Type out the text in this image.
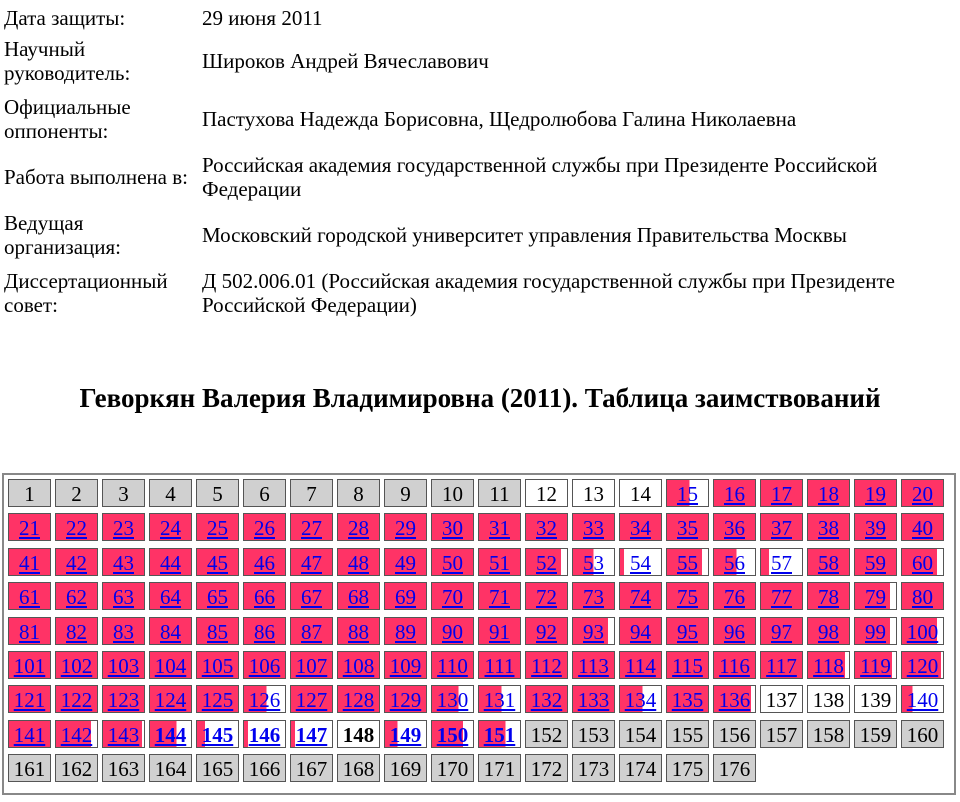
Дата защиты:	29 июня 2011
Научный руководитель:	Широков Андрей Вячеславович
Официальные оппоненты:	Пастухова Надежда Борисовна, Щедролюбова Галина Николаевна
Работа выполнена в:	Российская академия государственной службы при Президенте Российской Федерации
Ведущая организация:	Московский городской университет управления Правительства Москвы
Диссертационный совет:	Д 502.006.01 (Российская академия государственной службы при Президенте Российской Федерации)
Геворкян Валерия Владимировна (2011). Таблица заимствований
1	2	3	4	5	6	7	8	9	10	11	12	13	14	15	16	17	18	19	20
21	22	23	24	25	26	27	28	29	30	31	32	33	34	35	36	37	38	39	40
41	42	43	44	45	46	47	48	49	50	51	52	53	54	55	56	57	58	59	60
61	62	63	64	65	66	67	68	69	70	71	72	73	74	75	76	77	78	79	80
81	82	83	84	85	86	87	88	89	90	91	92	93	94	95	96	97	98	99 100
101 102 103 104 105 106 107 108 109 110 111 112 113 114 115 116 117 118 119 120
121 122 123 124 125 126 127 128 129 130 131 132 133 134 135 136 137 138 139 140
141 142 143 144 145 146 147 148 149 150 151 152 153 154 155 156 157 158 159 160
161 162 163 164 165 166 167 168 169 170 171 172 173 174 175 176
